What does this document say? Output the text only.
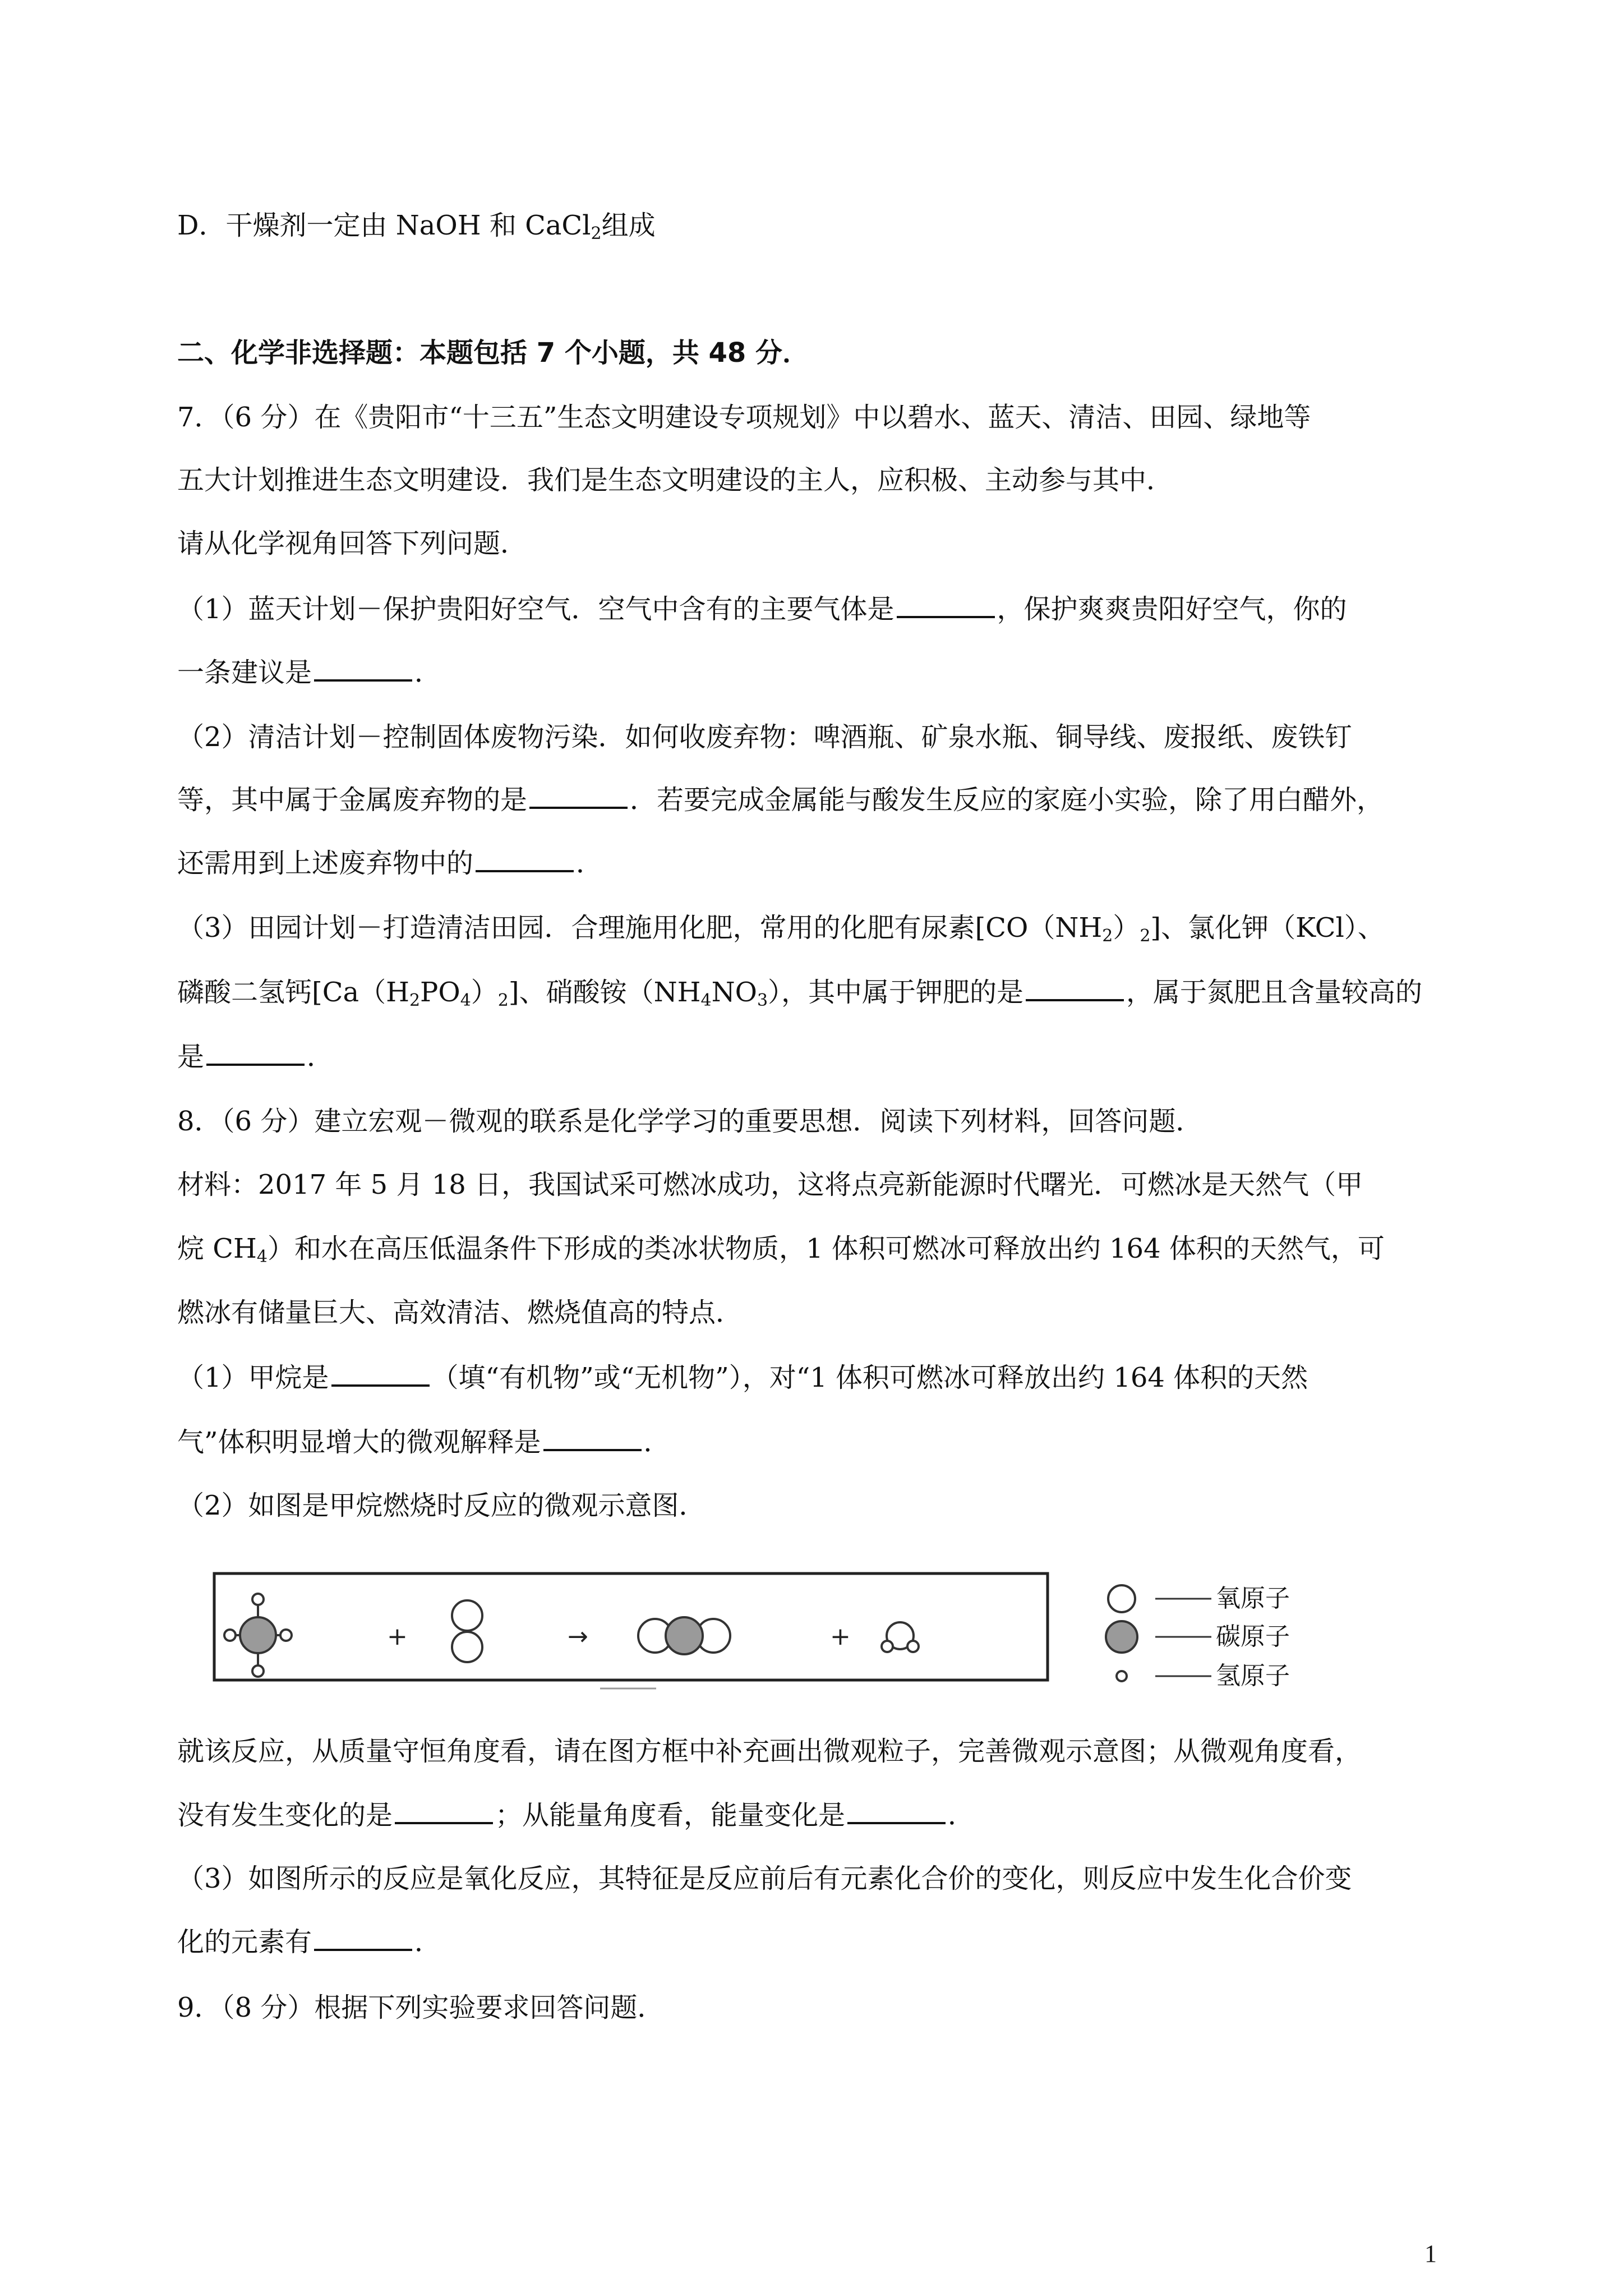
D．干燥剂一定由 NaOH 和 CaCl$_2$组成
二、化学非选择题：本题包括 7 个小题，共 48 分．
7．（6 分）在《贵阳市“十三五”生态文明建设专项规划》中以碧水、蓝天、清洁、田园、绿地等
五大计划推进生态文明建设．我们是生态文明建设的主人，应积极、主动参与其中．
请从化学视角回答下列问题．
（1）蓝天计划－保护贵阳好空气．空气中含有的主要气体是	，保护爽爽贵阳好空气，你的
一条建议是	．
（2）清洁计划－控制固体废物污染．如何收废弃物：啤酒瓶、矿泉水瓶、铜导线、废报纸、废铁钉
等，其中属于金属废弃物的是	．若要完成金属能与酸发生反应的家庭小实验，除了用白醋外，
还需用到上述废弃物中的	．
（3）田园计划－打造清洁田园．合理施用化肥，常用的化肥有尿素$[CO(NH_2)_2]$、氯化钾（KCl）、
磷酸二氢钙$[Ca(H_2PO_4)_2]$、硝酸铵$(NH_4NO_3)$，其中属于钾肥的是	，属于氮肥且含量较高的
是	．
8．（6 分）建立宏观－微观的联系是化学学习的重要思想．阅读下列材料，回答问题．
材料：2017 年 5 月 18 日，我国试采可燃冰成功，这将点亮新能源时代曙光．可燃冰是天然气（甲
烷 $CH_4$）和水在高压低温条件下形成的类冰状物质，1 体积可燃冰可释放出约 164 体积的天然气，可
燃冰有储量巨大、高效清洁、燃烧值高的特点．
（1）甲烷是	（填“有机物”或“无机物”），对“1 体积可燃冰可释放出约 164 体积的天然
气”体积明显增大的微观解释是	．
（2）如图是甲烷燃烧时反应的微观示意图．
+	→	+
氧原子
碳原子
氢原子
就该反应，从质量守恒角度看，请在图方框中补充画出微观粒子，完善微观示意图；从微观角度看，
没有发生变化的是	；从能量角度看，能量变化是	．
（3）如图所示的反应是氧化反应，其特征是反应前后有元素化合价的变化，则反应中发生化合价变
化的元素有	．
9．（8 分）根据下列实验要求回答问题．
1
